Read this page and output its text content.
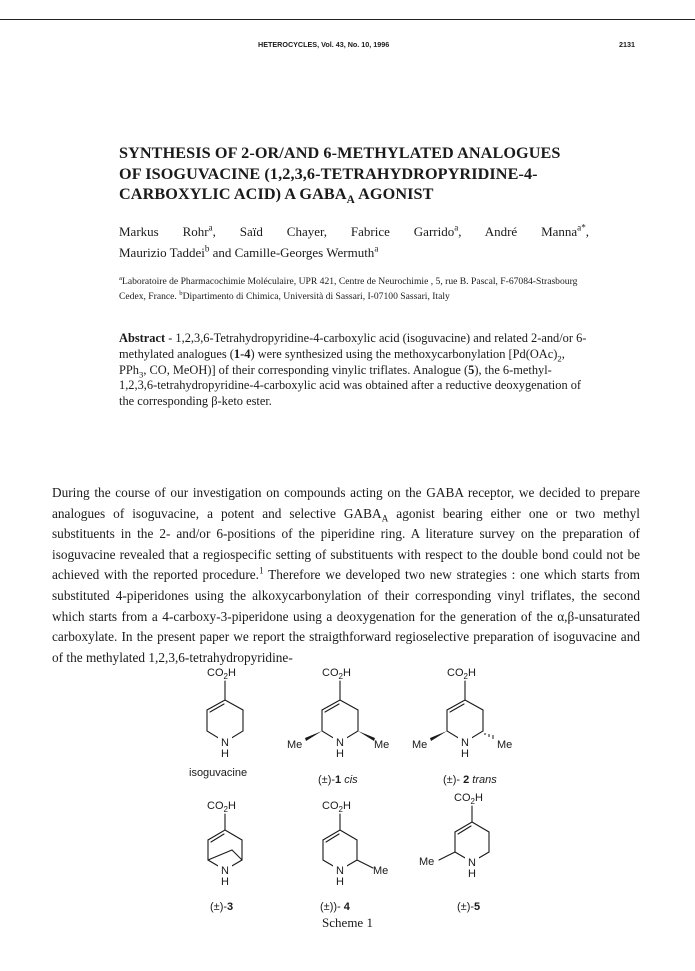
HETEROCYCLES, Vol. 43, No. 10, 1996	2131
SYNTHESIS OF 2-OR/AND 6-METHYLATED ANALOGUES
OF ISOGUVACINE (1,2,3,6-TETRAHYDROPYRIDINE-4-
CARBOXYLIC ACID) A $GABA_A$ AGONIST
Markus Rohr$^a$, Saïd Chayer, Fabrice Garrido$^a$, André Manna$^{a*}$,
Maurizio Taddei$^b$ and Camille-Georges Wermuth$^a$
$^a$Laboratoire de Pharmacochimie Moléculaire, UPR 421, Centre de Neurochimie , 5, rue B. Pascal, F-67084-Strasbourg Cedex, France. $^b$Dipartimento di Chimica, Università di Sassari, I-07100 Sassari, Italy
Abstract - 1,2,3,6-Tetrahydropyridine-4-carboxylic acid (isoguvacine) and related 2-and/or 6-methylated analogues (1-4) were synthesized using the methoxycarbonylation [$Pd(OAc)_2$, PPh$_3$, CO, MeOH)] of their corresponding vinylic triflates. Analogue (5), the 6-methyl-1,2,3,6-tetrahydropyridine-4-carboxylic acid was obtained after a reductive deoxygenation of the corresponding β-keto ester.
During the course of our investigation on compounds acting on the GABA receptor, we decided to prepare analogues of isoguvacine, a potent and selective $GABA_A$ agonist bearing either one or two methyl substituents in the 2- and/or 6-positions of the piperidine ring. A literature survey on the preparation of isoguvacine revealed that a regiospecific setting of substituents with respect to the double bond could not be achieved with the reported procedure.$^1$ Therefore we developed two new strategies : one which starts from substituted 4-piperidones using the alkoxycarbonylation of their corresponding vinyl triflates, the second which starts from a 4-carboxy-3-piperidone using a deoxygenation for the generation of the α,β-unsaturated carboxylate. In the present paper we report the straigthforward regioselective preparation of isoguvacine and of the methylated 1,2,3,6-tetrahydropyridine-
$CO_2H$
N
H
isoguvacine
$CO_2H$
N
H
Me	Me
(±)-1 cis
$CO_2H$
N
H
Me	Me
(±)- 2 trans
$CO_2H$
N
H
(±)-3
$CO_2H$
N
H
Me
(±))- 4
$CO_2H$
N
H
Me
(±)-5
Scheme 1
